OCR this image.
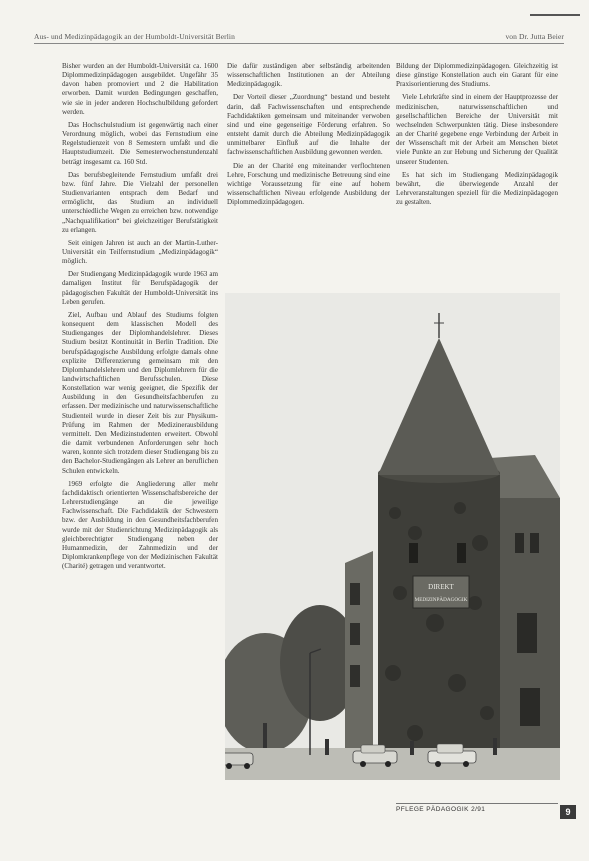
Aus- und Medizinpädagogik an der Humboldt-Universität Berlin	von Dr. Jutta Beier

Bisher wurden an der Humboldt-Universität ca. 1600 Diplommedizinpädagogen ausgebildet. Ungefähr 35 davon haben promoviert und 2 die Habilitation erworben. Damit wurden Bedingungen geschaffen, wie sie in jeder anderen Hochschulbildung gefordert werden.

Das Hochschulstudium ist gegenwärtig nach einer Verordnung möglich, wobei das Fernstudium eine Regelstudienzeit von 8 Semestern umfaßt und die Hauptstudiumzeit. Die Semesterwochenstundenzahl beträgt insgesamt ca. 160 Std.

Das berufsbegleitende Fernstudium umfaßt drei bzw. fünf Jahre. Die Vielzahl der personellen Studienvarianten entsprach dem Bedarf und ermöglicht, das Studium an individuell unterschiedliche Wegen zu erreichen bzw. notwendige „Nachqualifikation“ bei gleichzeitiger Berufstätigkeit zu erlangen.

Seit einigen Jahren ist auch an der Martin-Luther-Universität ein Teilfernstudium „Medizinpädagogik“ möglich.

Der Studiengang Medizinpädagogik wurde 1963 am damaligen Institut für Berufspädagogik der pädagogischen Fakultät der Humboldt-Universität ins Leben gerufen.

Ziel, Aufbau und Ablauf des Studiums folgten konsequent dem klassischen Modell des Studienganges der Diplomhandelslehrer. Dieses Studium besitzt Kontinuität in Berlin Tradition. Die berufspädagogische Ausbildung erfolgte damals ohne explizite Differenzierung gemeinsam mit den Diplomhandelslehrern und den Diplomlehrern für die landwirtschaftlichen Berufsschulen. Diese Konstellation war wenig geeignet, die Spezifik der Ausbildung in den Gesundheitsfachberufen zu erfassen. Der medizinische und naturwissenschaftliche Studienteil wurde in dieser Zeit bis zur Physikum-Prüfung im Rahmen der Medizinerausbildung vermittelt. Den Medizinstudenten erweitert. Obwohl die damit verbundenen Anforderungen sehr hoch waren, konnte sich trotzdem dieser Studiengang bis zu den Bachelor-Studiengängen als Lehrer an beruflichen Schulen entwickeln.

1969 erfolgte die Angliederung aller mehr fachdidaktisch orientierten Wissenschaftsbereiche der Lehrerstudiengänge an die jeweilige Fachwissenschaft. Die Fachdidaktik der Schwestern bzw. der Ausbildung in den Gesundheitsfachberufen wurde mit der Studienrichtung Medizinpädagogik als gleichberechtigter Studiengang neben der Humanmedizin, der Zahnmedizin und der Diplomkrankenpflege von der Medizinischen Fakultät (Charité) getragen und verantwortet.

Die dafür zuständigen aber selbständig arbeitenden wissenschaftlichen Institutionen an der Abteilung Medizinpädagogik.

Der Vorteil dieser „Zuordnung“ bestand und besteht darin, daß Fachwissenschaften und entsprechende Fachdidaktiken gemeinsam und miteinander verwoben sind und eine gegenseitige Förderung erfahren. So entsteht damit durch die Abteilung Medizinpädagogik unmittelbarer Einfluß auf die Inhalte der fachwissenschaftlichen Ausbildung gewonnen werden.

Die an der Charité eng miteinander verflochtenen Lehre, Forschung und medizinische Betreuung sind eine wichtige Voraussetzung für eine auf hohem wissenschaftlichen Niveau erfolgende Ausbildung der Diplommedizinpädagogen.

Bildung der Diplommedizinpädagogen. Gleichzeitig ist diese günstige Konstellation auch ein Garant für eine Praxisorientierung des Studiums.

Viele Lehrkräfte sind in einem der Hauptprozesse der medizinischen, naturwissenschaftlichen und gesellschaftlichen Bereiche der Universität mit wechselnden Schwerpunkten tätig. Diese insbesondere an der Charité gegebene enge Verbindung der Arbeit in der Wissenschaft mit der Arbeit am Menschen bietet viele Punkte an zur Hebung und Sicherung der Qualität unserer Studenten.

Es hat sich im Studiengang Medizinpädagogik bewährt, die überwiegende Anzahl der Lehrveranstaltungen speziell für die Medizinpädagogen zu gestalten.

DIREKT
MEDIZINPÄDAGOGIK
PFLEGE PÄDAGOGIK 2/91	9
